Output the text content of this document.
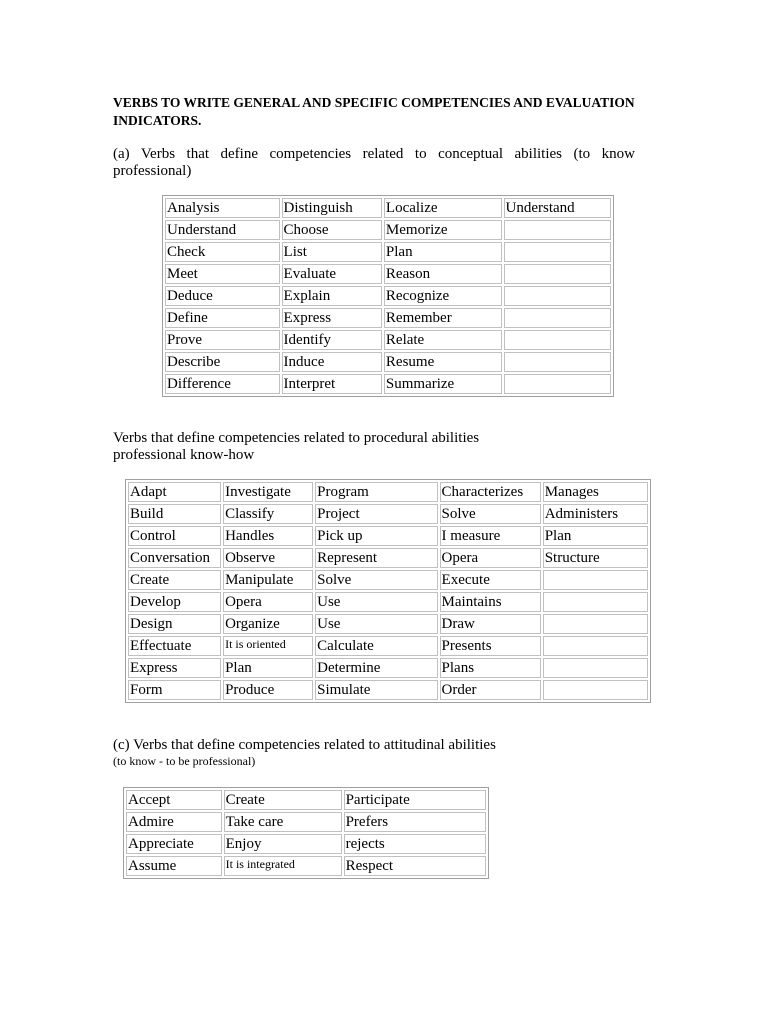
VERBS TO WRITE GENERAL AND SPECIFIC COMPETENCIES AND EVALUATION INDICATORS.
(a) Verbs that define competencies related to conceptual abilities (to know professional)
Analysis	Distinguish	Localize	Understand
Understand	Choose	Memorize	
Check	List	Plan	
Meet	Evaluate	Reason	
Deduce	Explain	Recognize	
Define	Express	Remember	
Prove	Identify	Relate	
Describe	Induce	Resume	
Difference	Interpret	Summarize	
Verbs that define competencies related to procedural abilities
professional know-how
Adapt	Investigate	Program	Characterizes	Manages
Build	Classify	Project	Solve	Administers
Control	Handles	Pick up	I measure	Plan
Conversation	Observe	Represent	Opera	Structure
Create	Manipulate	Solve	Execute	
Develop	Opera	Use	Maintains	
Design	Organize	Use	Draw	
Effectuate	It is oriented	Calculate	Presents	
Express	Plan	Determine	Plans	
Form	Produce	Simulate	Order	
(c) Verbs that define competencies related to attitudinal abilities
(to know - to be professional)
Accept	Create	Participate
Admire	Take care	Prefers
Appreciate	Enjoy	rejects
Assume	It is integrated	Respect
